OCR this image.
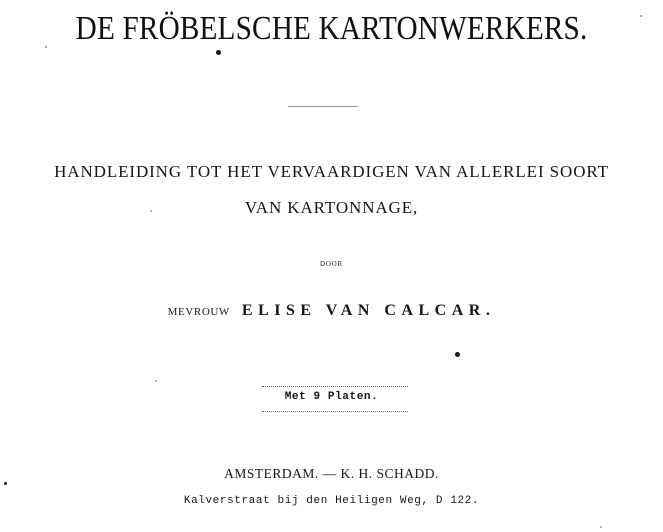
DE FRÖBELSCHE KARTONWERKERS.
HANDLEIDING TOT HET VERVAARDIGEN VAN ALLERLEI SOORT
VAN KARTONNAGE,
DOOR
MEVROUW ELISE VAN CALCAR.
Met 9 Platen.
AMSTERDAM. — K. H. SCHADD.
Kalverstraat bij den Heiligen Weg, D 122.
